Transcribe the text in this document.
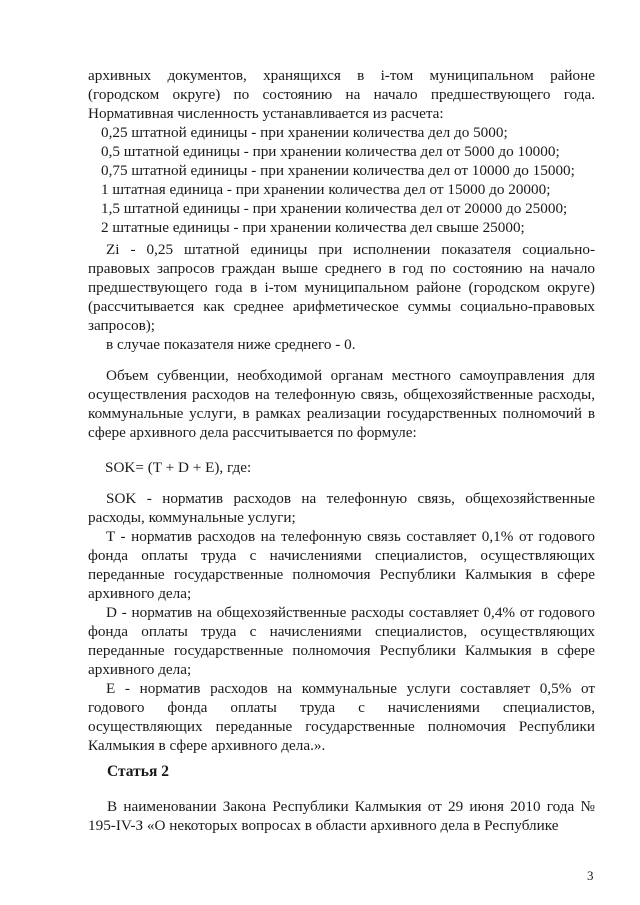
архивных документов, хранящихся в i-том муниципальном районе (городском округе) по состоянию на начало предшествующего года. Нормативная численность устанавливается из расчета:

0,25 штатной единицы - при хранении количества дел до 5000;

0,5 штатной единицы - при хранении количества дел от 5000 до 10000;

0,75 штатной единицы - при хранении количества дел от 10000 до 15000;

1 штатная единица - при хранении количества дел от 15000 до 20000;

1,5 штатной единицы - при хранении количества дел от 20000 до 25000;

2 штатные единицы - при хранении количества дел свыше 25000;

Zi - 0,25 штатной единицы при исполнении показателя социально-правовых запросов граждан выше среднего в год по состоянию на начало предшествующего года в i-том муниципальном районе (городском округе) (рассчитывается как среднее арифметическое суммы социально-правовых запросов);

в случае показателя ниже среднего - 0.

Объем субвенции, необходимой органам местного самоуправления для осуществления расходов на телефонную связь, общехозяйственные расходы, коммунальные услуги, в рамках реализации государственных полномочий в сфере архивного дела рассчитывается по формуле:

SOK= (T + D + E), где:

SOK - норматив расходов на телефонную связь, общехозяйственные расходы, коммунальные услуги;

T - норматив расходов на телефонную связь составляет 0,1% от годового фонда оплаты труда с начислениями специалистов, осуществляющих переданные государственные полномочия Республики Калмыкия в сфере архивного дела;

D - норматив на общехозяйственные расходы составляет 0,4% от годового фонда оплаты труда с начислениями специалистов, осуществляющих переданные государственные полномочия Республики Калмыкия в сфере архивного дела;

E - норматив расходов на коммунальные услуги составляет 0,5% от годового фонда оплаты труда с начислениями специалистов, осуществляющих переданные государственные полномочия Республики Калмыкия в сфере архивного дела.».

Статья 2

В наименовании Закона Республики Калмыкия от 29 июня 2010 года № 195-IV-З «О некоторых вопросах в области архивного дела в Республике

3
